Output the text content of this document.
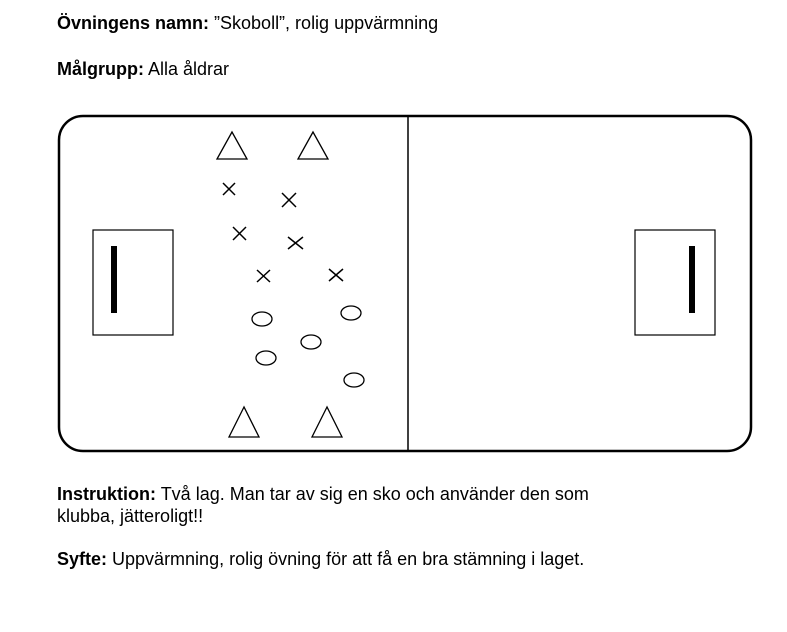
Övningens namn: ”Skoboll”, rolig uppvärmning

Målgrupp: Alla åldrar

Instruktion: Två lag. Man tar av sig en sko och använder den som
klubba, jätteroligt!!

Syfte: Uppvärmning, rolig övning för att få en bra stämning i laget.
